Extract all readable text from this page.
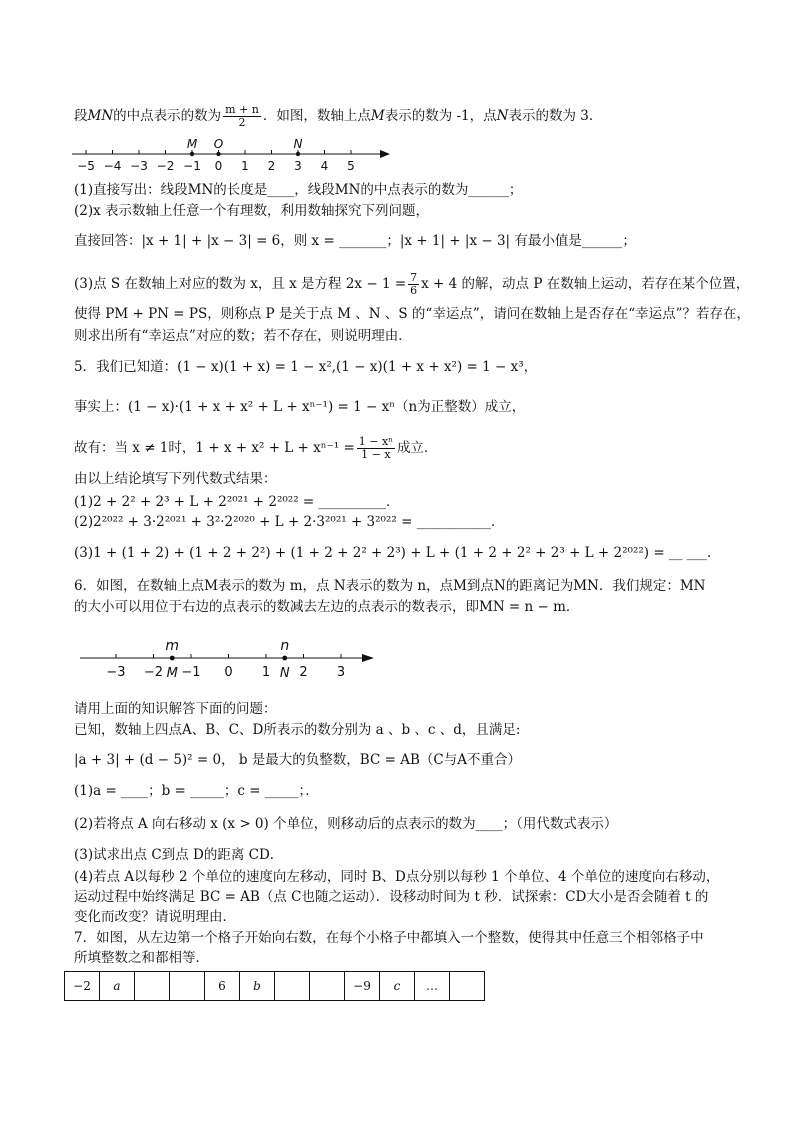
段MN的中点表示的数为 $\frac{m + n}{2}$ ．如图，数轴上点M表示的数为 -1，点N表示的数为 3．
−5 −4 −3 −2 −1 0 1 2 3 4 5
M O	N
(1)直接写出：线段MN的长度是____，线段MN的中点表示的数为______；
(2)x 表示数轴上任意一个有理数，利用数轴探究下列问题，
直接回答：|x + 1| + |x − 3| = 6，则 x = _______；|x + 1| + |x − 3| 有最小值是______；
(3)点 S 在数轴上对应的数为 x，且 x 是方程 $2x - 1 = \frac{7}{6}$ x + 4 的解，动点 P 在数轴上运动，若存在某个位置，
使得 PM + PN = PS，则称点 P 是关于点 M 、N 、S 的“幸运点”，请问在数轴上是否存在“幸运点”？若存在，
则求出所有“幸运点”对应的数；若不存在，则说明理由．
5．我们已知道：(1 − x)(1 + x) = 1 − x²,(1 − x)(1 + x + x²) = 1 − x³，
事实上：(1 − x)·(1 + x + x² + L + xⁿ⁻¹) = 1 − xⁿ（n为正整数）成立，
故有：当 x ≠ 1时，$1 + x + x^2 + L + x^{n-1} = \frac{\text{1 − xⁿ}}{1 - x}$ 成立．
由以上结论填写下列代数式结果：
(1)2 + 2² + 2³ + L + 2²⁰²¹ + 2²⁰²² = __________．
(2)2²⁰²² + 3·2²⁰²¹ + 3²·2²⁰²⁰ + L + 2·3²⁰²¹ + 3²⁰²² = ___________．
(3)1 + (1 + 2) + (1 + 2 + 2²) + (1 + 2 + 2² + 2³) + L + (1 + 2 + 2² + 2³ + L + 2²⁰²²) = __ ___．
6．如图，在数轴上点M表示的数为 m，点 N表示的数为 n，点M到点N的距离记为MN．我们规定：MN
的大小可以用位于右边的点表示的数减去左边的点表示的数表示，即MN = n − m．
−3 −2 −1 0 1 2 3
m
M
n
N
请用上面的知识解答下面的问题：
已知，数轴上四点A、B、C、D所表示的数分别为 a 、b 、c 、d，且满足:
|a + 3| + (d − 5)² = 0， b 是最大的负整数，BC = AB（C与A不重合）
(1)a = ____；b = _____；c = _____；．
(2)若将点 A 向右移动 x (x > 0) 个单位，则移动后的点表示的数为____；（用代数式表示）
(3)试求出点 C到点 D的距离 CD．
(4)若点 A以每秒 2 个单位的速度向左移动，同时 B、D点分别以每秒 1 个单位、4 个单位的速度向右移动，
运动过程中始终满足 BC = AB（点 C也随之运动）．设移动时间为 t 秒．试探索：CD大小是否会随着 t 的
变化而改变？请说明理由．
7．如图，从左边第一个格子开始向右数，在每个小格子中都填入一个整数，使得其中任意三个相邻格子中
所填整数之和都相等．
−2	a			6	b			−9	c	…	
